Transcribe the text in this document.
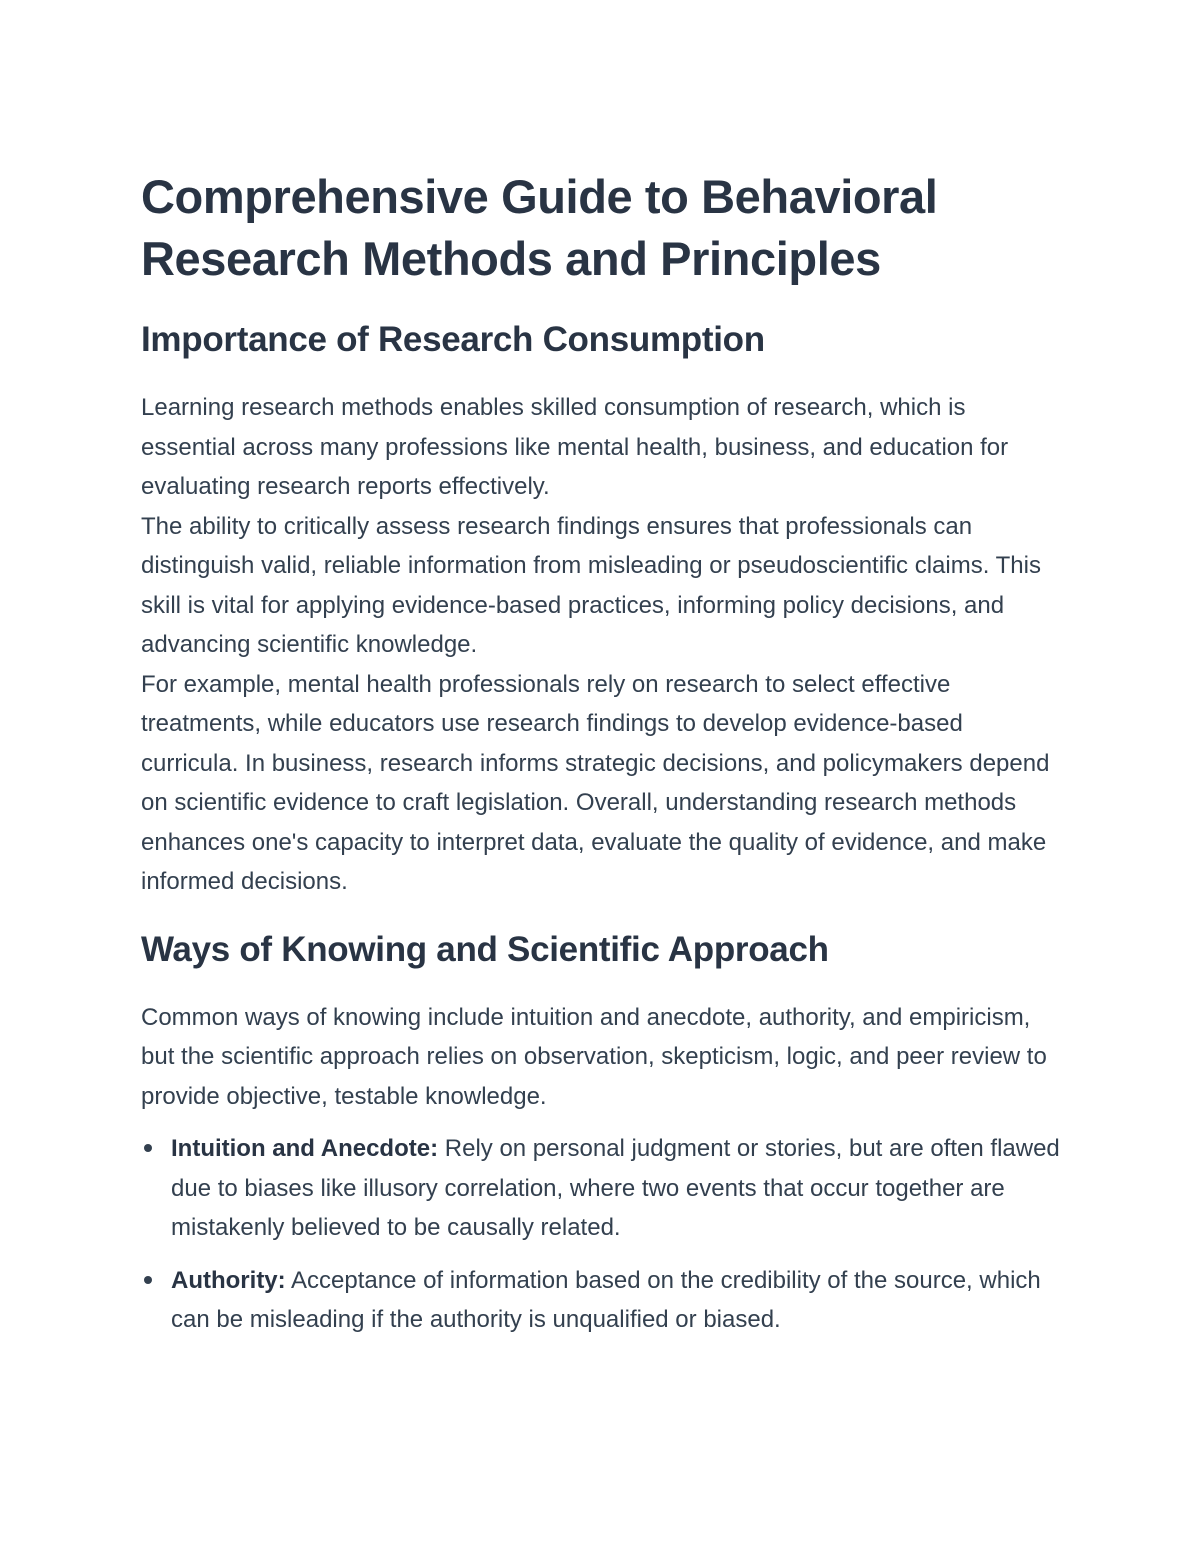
Comprehensive Guide to Behavioral Research Methods and Principles
Importance of Research Consumption

Learning research methods enables skilled consumption of research, which is essential across many professions like mental health, business, and education for evaluating research reports effectively.

The ability to critically assess research findings ensures that professionals can distinguish valid, reliable information from misleading or pseudoscientific claims. This skill is vital for applying evidence-based practices, informing policy decisions, and advancing scientific knowledge.

For example, mental health professionals rely on research to select effective treatments, while educators use research findings to develop evidence-based curricula. In business, research informs strategic decisions, and policymakers depend on scientific evidence to craft legislation. Overall, understanding research methods enhances one's capacity to interpret data, evaluate the quality of evidence, and make informed decisions.

Ways of Knowing and Scientific Approach

Common ways of knowing include intuition and anecdote, authority, and empiricism, but the scientific approach relies on observation, skepticism, logic, and peer review to provide objective, testable knowledge.

Intuition and Anecdote: Rely on personal judgment or stories, but are often flawed due to biases like illusory correlation, where two events that occur together are mistakenly believed to be causally related.
Authority: Acceptance of information based on the credibility of the source, which can be misleading if the authority is unqualified or biased.
